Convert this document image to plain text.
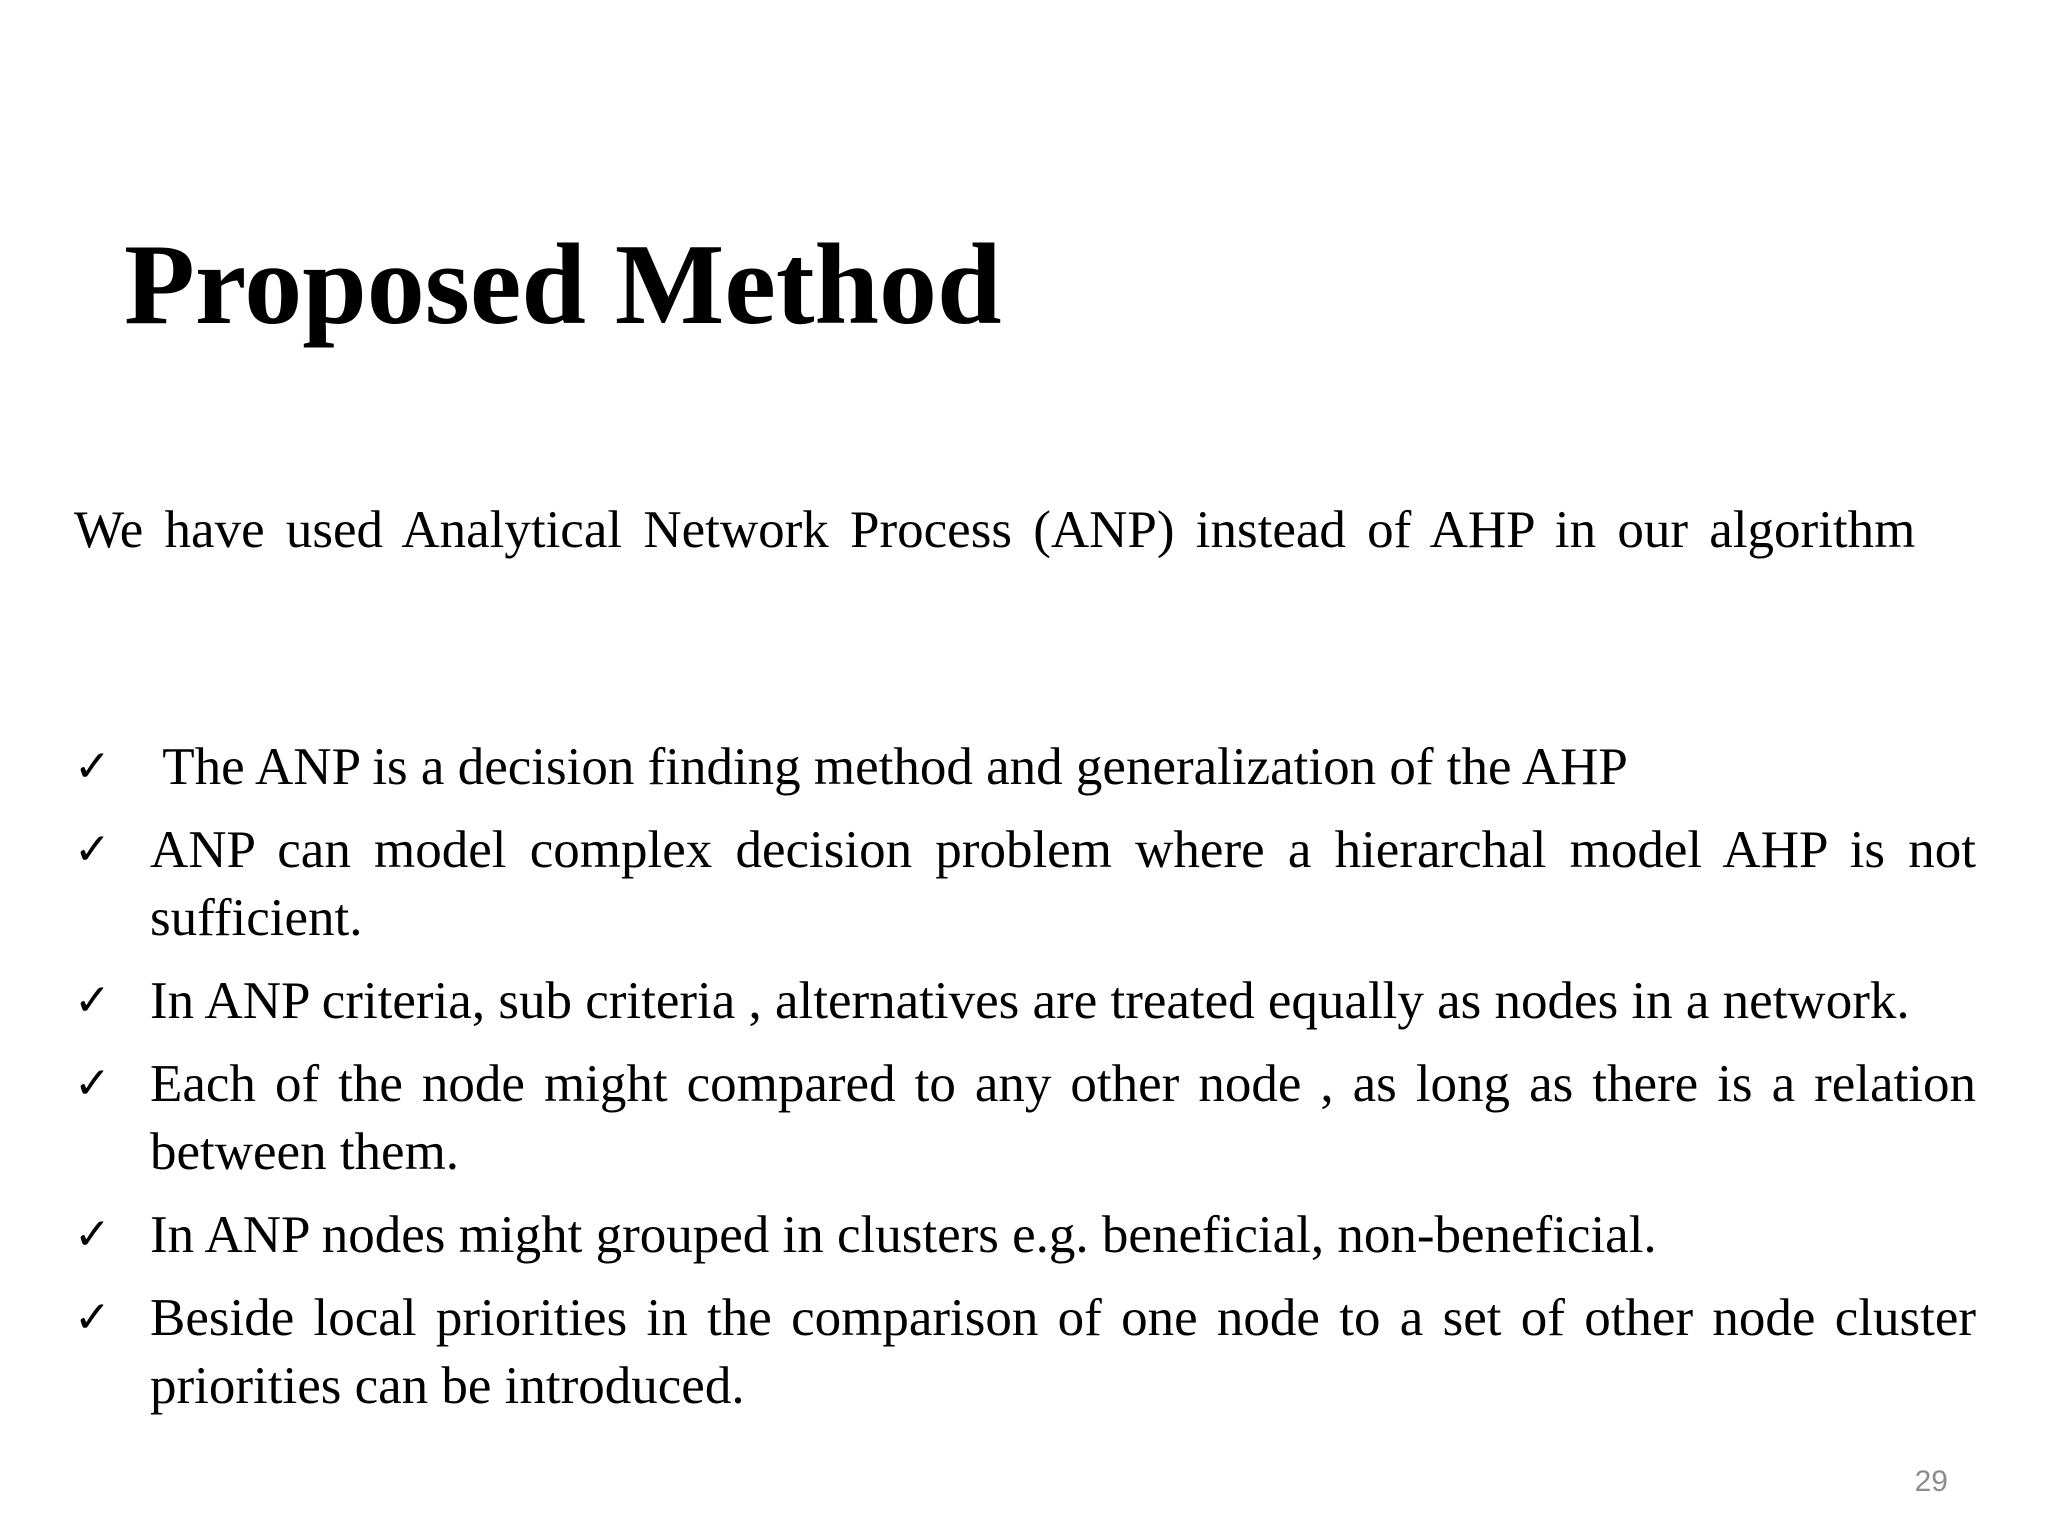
Proposed Method

We have used Analytical Network Process (ANP) instead of AHP in our algorithm

✓ The ANP is a decision finding method and generalization of the AHP
✓ ANP can model complex decision problem where a hierarchal model AHP is not sufficient.
✓ In ANP criteria, sub criteria , alternatives are treated equally as nodes in a network.
✓ Each of the node might compared to any other node , as long as there is a relation between them.
✓ In ANP nodes might grouped in clusters e.g. beneficial, non-beneficial.
✓ Beside local priorities in the comparison of one node to a set of other node cluster priorities can be introduced.
29
